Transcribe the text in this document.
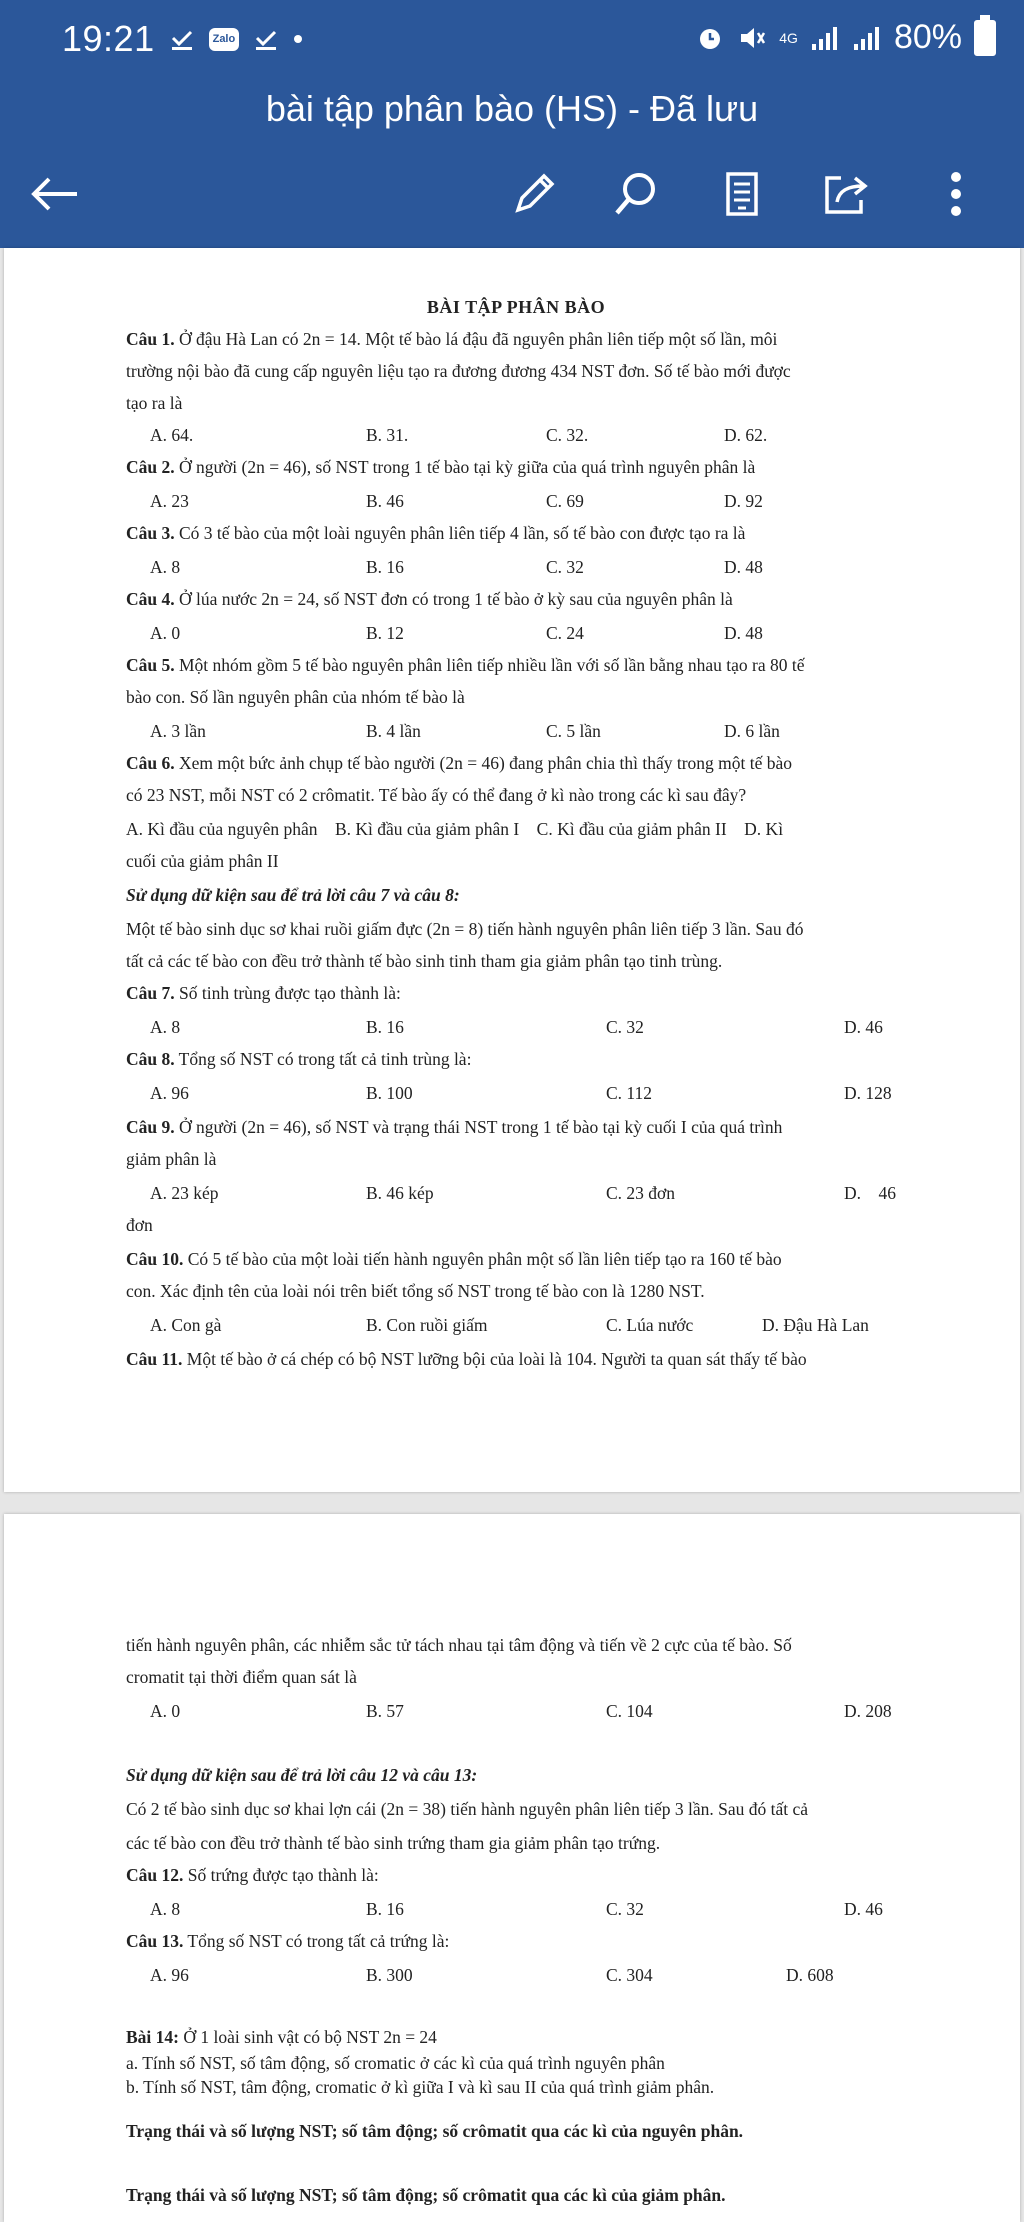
19:21	Zalo	4G	80%
bài tập phân bào (HS) - Đã lưu
BÀI TẬP PHÂN BÀO
Câu 1. Ở đậu Hà Lan có 2n = 14. Một tế bào lá đậu đã nguyên phân liên tiếp một số lần, môi
trường nội bào đã cung cấp nguyên liệu tạo ra đương đương 434 NST đơn. Số tế bào mới được
tạo ra là
A. 64.	B. 31.	C. 32.	D. 62.
Câu 2. Ở người (2n = 46), số NST trong 1 tế bào tại kỳ giữa của quá trình nguyên phân là
A. 23	B. 46	C. 69	D. 92
Câu 3. Có 3 tế bào của một loài nguyên phân liên tiếp 4 lần, số tế bào con được tạo ra là
A. 8	B. 16	C. 32	D. 48
Câu 4. Ở lúa nước 2n = 24, số NST đơn có trong 1 tế bào ở kỳ sau của nguyên phân là
A. 0	B. 12	C. 24	D. 48
Câu 5. Một nhóm gồm 5 tế bào nguyên phân liên tiếp nhiều lần với số lần bằng nhau tạo ra 80 tế
bào con. Số lần nguyên phân của nhóm tế bào là
A. 3 lần	B. 4 lần	C. 5 lần	D. 6 lần
Câu 6. Xem một bức ảnh chụp tế bào người (2n = 46) đang phân chia thì thấy trong một tế bào
có 23 NST, mỗi NST có 2 crômatit. Tế bào ấy có thể đang ở kì nào trong các kì sau đây?
A. Kì đầu của nguyên phân    B. Kì đầu của giảm phân I    C. Kì đầu của giảm phân II    D. Kì
cuối của giảm phân II
Sử dụng dữ kiện sau để trả lời câu 7 và câu 8:
Một tế bào sinh dục sơ khai ruồi giấm đực (2n = 8) tiến hành nguyên phân liên tiếp 3 lần. Sau đó
tất cả các tế bào con đều trở thành tế bào sinh tinh tham gia giảm phân tạo tinh trùng.
Câu 7. Số tinh trùng được tạo thành là:
A. 8	B. 16	C. 32	D. 46
Câu 8. Tổng số NST có trong tất cả tinh trùng là:
A. 96	B. 100	C. 112	D. 128
Câu 9. Ở người (2n = 46), số NST và trạng thái NST trong 1 tế bào tại kỳ cuối I của quá trình
giảm phân là
A. 23 kép	B. 46 kép	C. 23 đơn	D.    46
đơn
Câu 10. Có 5 tế bào của một loài tiến hành nguyên phân một số lần liên tiếp tạo ra 160 tế bào
con. Xác định tên của loài nói trên biết tổng số NST trong tế bào con là 1280 NST.
A. Con gà	B. Con ruồi giấm	C. Lúa nước	D. Đậu Hà Lan
Câu 11. Một tế bào ở cá chép có bộ NST lưỡng bội của loài là 104. Người ta quan sát thấy tế bào
tiến hành nguyên phân, các nhiễm sắc tử tách nhau tại tâm động và tiến về 2 cực của tế bào. Số
cromatit tại thời điểm quan sát là
A. 0	B. 57	C. 104	D. 208
Sử dụng dữ kiện sau để trả lời câu 12 và câu 13:
Có 2 tế bào sinh dục sơ khai lợn cái (2n = 38) tiến hành nguyên phân liên tiếp 3 lần. Sau đó tất cả
các tế bào con đều trở thành tế bào sinh trứng tham gia giảm phân tạo trứng.
Câu 12. Số trứng được tạo thành là:
A. 8	B. 16	C. 32	D. 46
Câu 13. Tổng số NST có trong tất cả trứng là:
A. 96	B. 300	C. 304	D. 608
Bài 14: Ở 1 loài sinh vật có bộ NST 2n = 24
a. Tính số NST, số tâm động, số cromatic ở các kì của quá trình nguyên phân
b. Tính số NST, tâm động, cromatic ở kì giữa I và kì sau II của quá trình giảm phân.
Trạng thái và số lượng NST; số tâm động; số crômatit qua các kì của nguyên phân.
Trạng thái và số lượng NST; số tâm động; số crômatit qua các kì của giảm phân.
